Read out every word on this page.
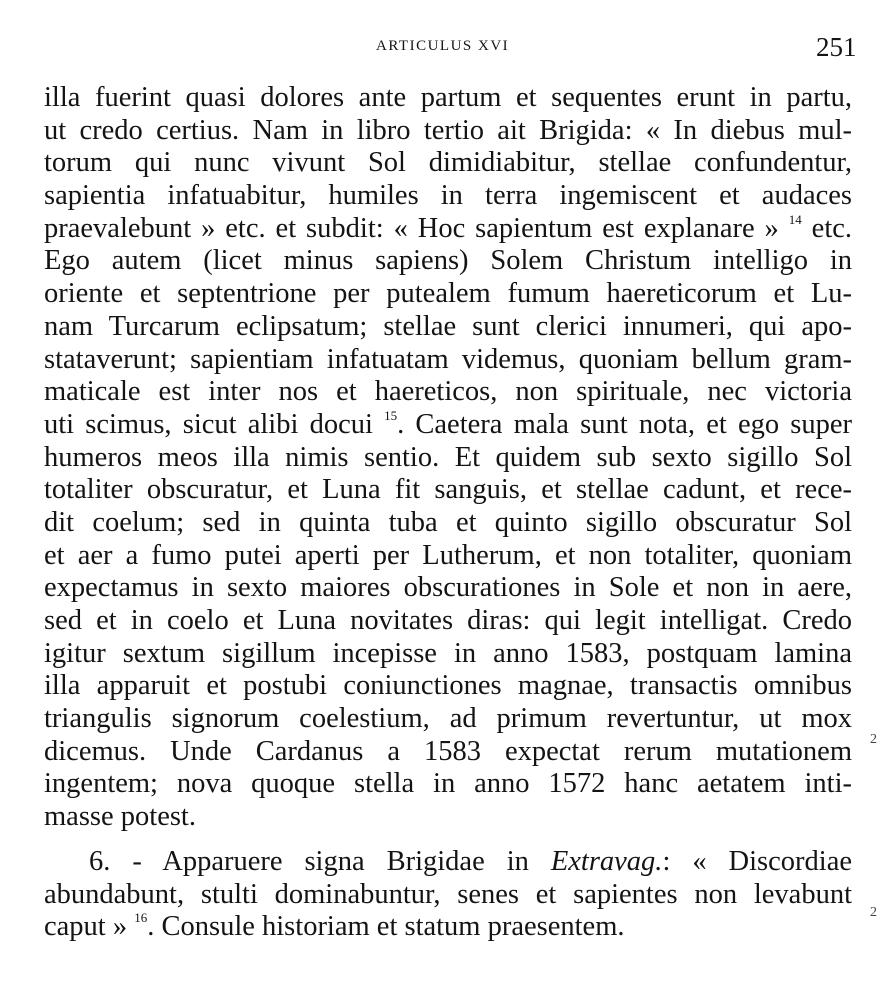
ARTICULUS XVI	251
illa fuerint quasi dolores ante partum et sequentes erunt in partu,
ut credo certius. Nam in libro tertio ait Brigida: « In diebus mul-
torum qui nunc vivunt Sol dimidiabitur, stellae confundentur,
sapientia infatuabitur, humiles in terra ingemiscent et audaces
praevalebunt » etc. et subdit: « Hoc sapientum est explanare » $^{14}$ etc.
Ego autem (licet minus sapiens) Solem Christum intelligo in
oriente et septentrione per putealem fumum haereticorum et Lu-
nam Turcarum eclipsatum; stellae sunt clerici innumeri, qui apo-
stataverunt; sapientiam infatuatam videmus, quoniam bellum gram-
maticale est inter nos et haereticos, non spirituale, nec victoria
uti scimus, sicut alibi docui $^{15}$. Caetera mala sunt nota, et ego super
humeros meos illa nimis sentio. Et quidem sub sexto sigillo Sol
totaliter obscuratur, et Luna fit sanguis, et stellae cadunt, et rece-
dit coelum; sed in quinta tuba et quinto sigillo obscuratur Sol
et aer a fumo putei aperti per Lutherum, et non totaliter, quoniam
expectamus in sexto maiores obscurationes in Sole et non in aere,
sed et in coelo et Luna novitates diras: qui legit intelligat. Credo
igitur sextum sigillum incepisse in anno 1583, postquam lamina
illa apparuit et postubi coniunctiones magnae, transactis omnibus
triangulis signorum coelestium, ad primum revertuntur, ut mox
dicemus. Unde Cardanus a 1583 expectat rerum mutationem
ingentem; nova quoque stella in anno 1572 hanc aetatem inti-
masse potest.
6. - Apparuere signa Brigidae in Extravag.: « Discordiae
abundabunt, stulti dominabuntur, senes et sapientes non levabunt
caput » $^{16}$. Consule historiam et statum praesentem.
2
2
